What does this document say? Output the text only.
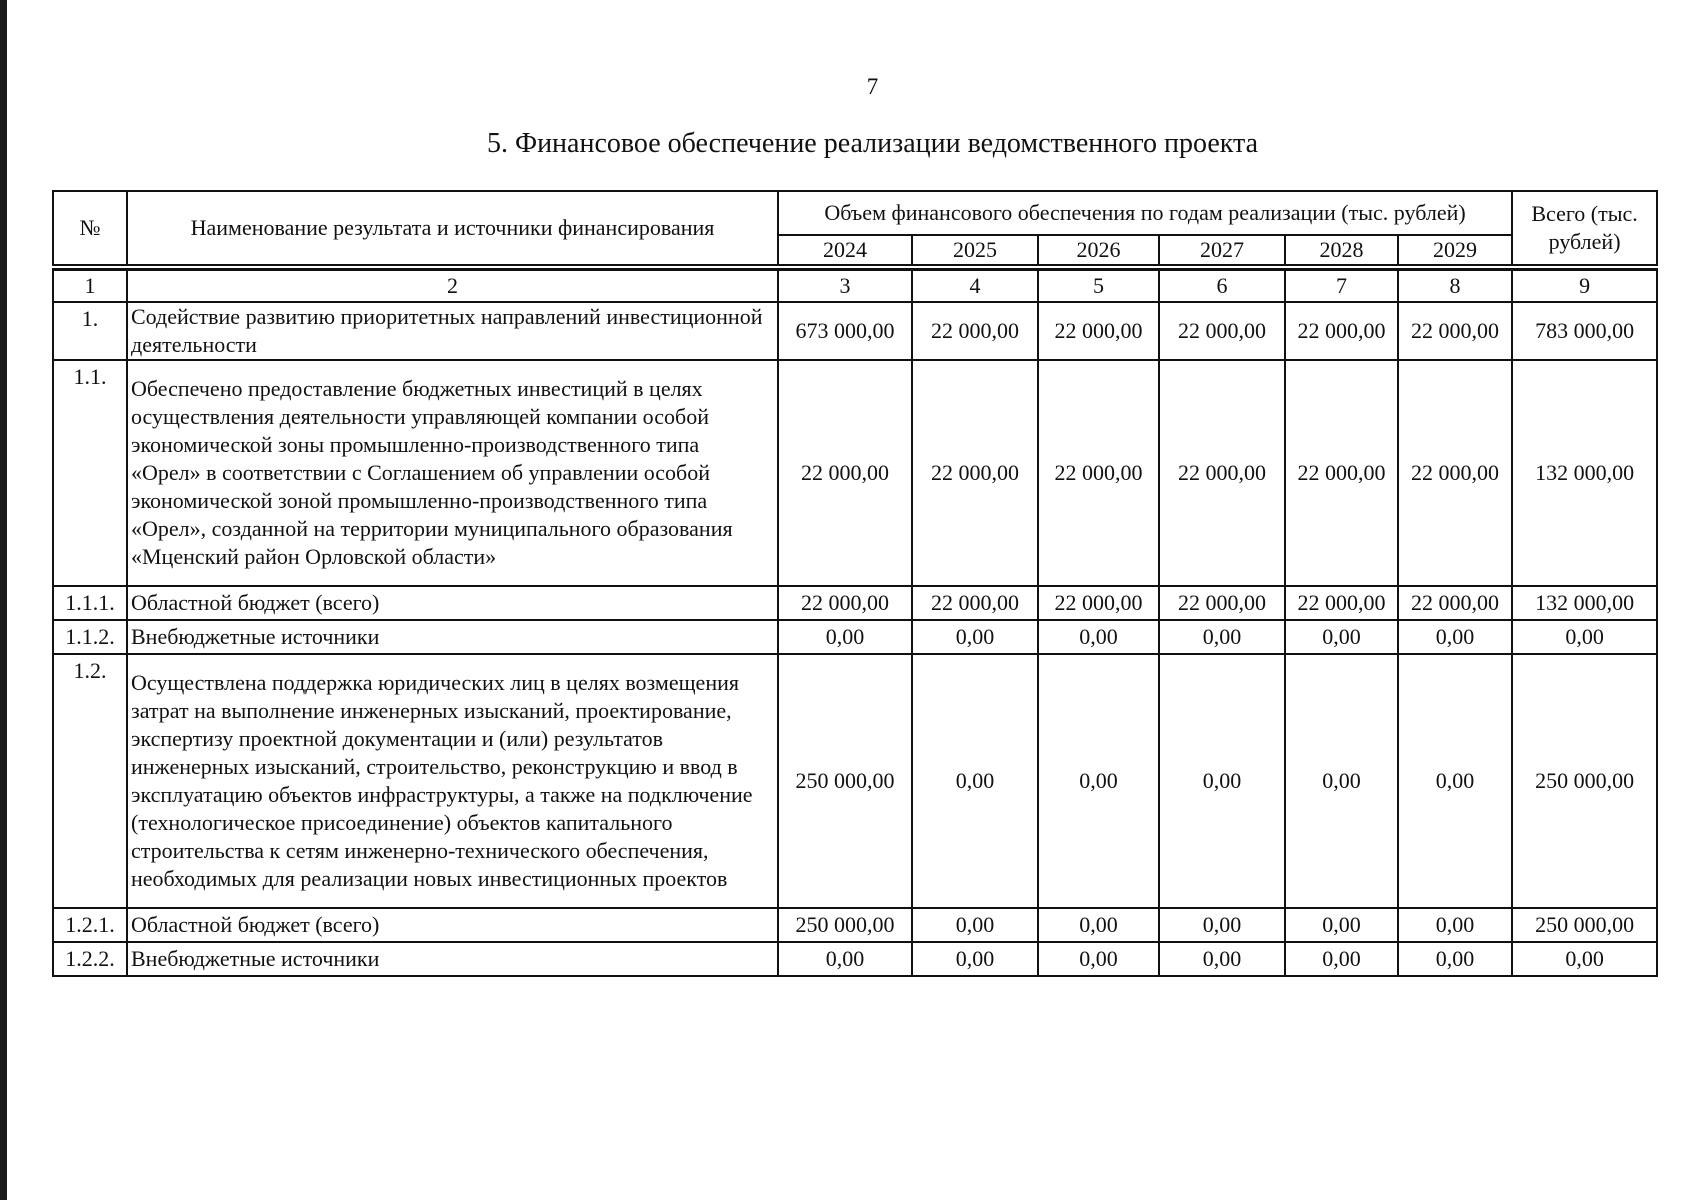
7
5. Финансовое обеспечение реализации ведомственного проекта
№	Наименование результата и источники финансирования	Объем финансового обеспечения по годам реализации (тыс. рублей)						Всего (тыс. рублей)
		2024	2025	2026	2027	2028	2029	

1	2	3	4	5	6	7	8	9
1.	Содействие развитию приоритетных направлений инвестиционной деятельности	673 000,00	22 000,00	22 000,00	22 000,00	22 000,00	22 000,00	783 000,00
1.1.	Обеспечено предоставление бюджетных инвестиций в целях осуществления деятельности управляющей компании особой экономической зоны промышленно-производственного типа «Орел» в соответствии с Соглашением об управлении особой экономической зоной промышленно-производственного типа «Орел», созданной на территории муниципального образования «Мценский район Орловской области»	22 000,00	22 000,00	22 000,00	22 000,00	22 000,00	22 000,00	132 000,00
1.1.1.	Областной бюджет (всего)	22 000,00	22 000,00	22 000,00	22 000,00	22 000,00	22 000,00	132 000,00
1.1.2.	Внебюджетные источники	0,00	0,00	0,00	0,00	0,00	0,00	0,00
1.2.	Осуществлена поддержка юридических лиц в целях возмещения затрат на выполнение инженерных изысканий, проектирование, экспертизу проектной документации и (или) результатов инженерных изысканий, строительство, реконструкцию и ввод в эксплуатацию объектов инфраструктуры, а также на подключение (технологическое присоединение) объектов капитального строительства к сетям инженерно-технического обеспечения, необходимых для реализации новых инвестиционных проектов	250 000,00	0,00	0,00	0,00	0,00	0,00	250 000,00
1.2.1.	Областной бюджет (всего)	250 000,00	0,00	0,00	0,00	0,00	0,00	250 000,00
1.2.2.	Внебюджетные источники	0,00	0,00	0,00	0,00	0,00	0,00	0,00
